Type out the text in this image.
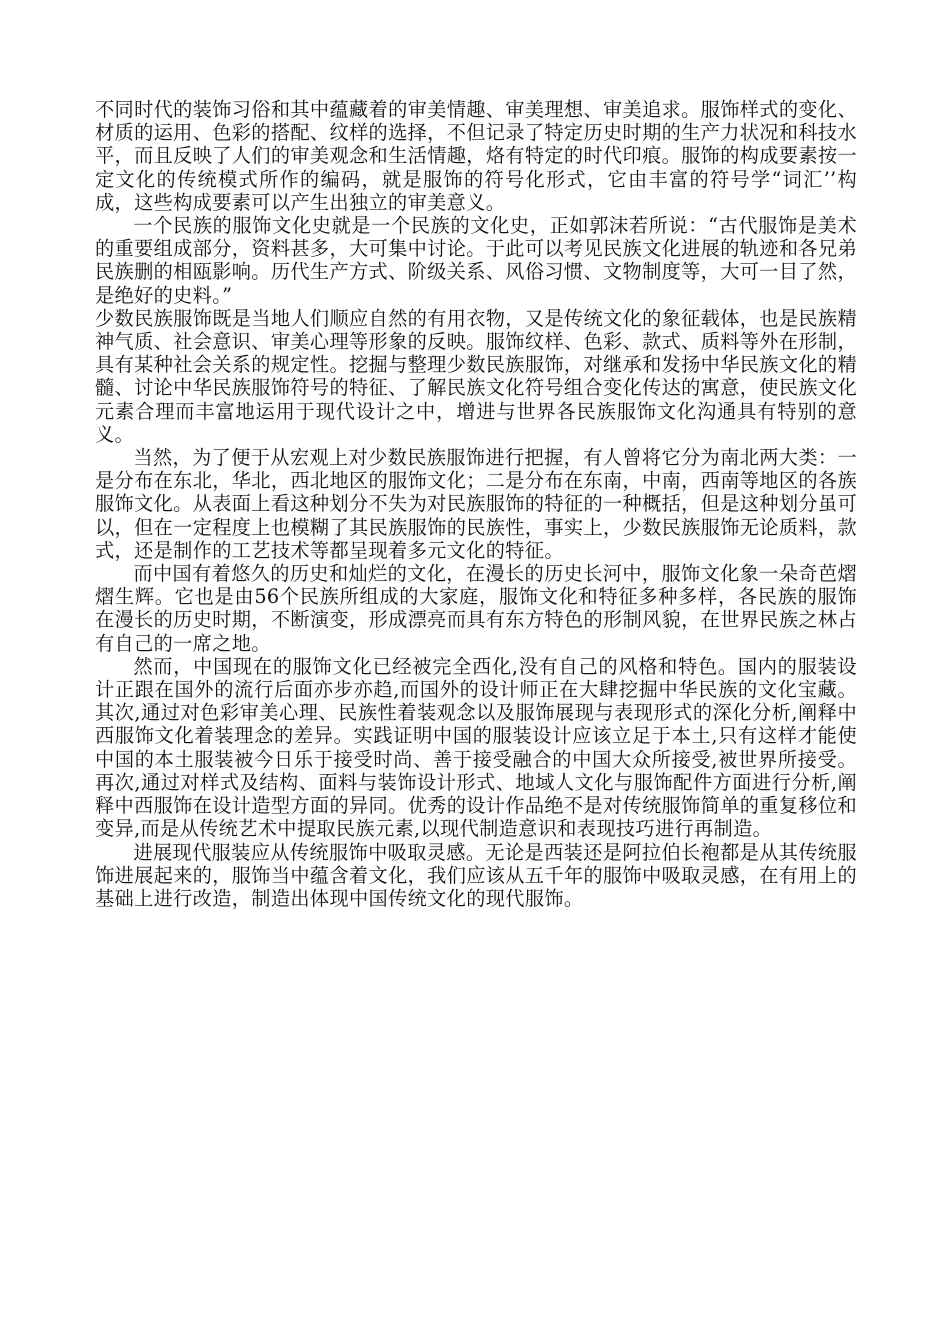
不同时代的装饰习俗和其中蕴藏着的审美情趣、审美理想、审美追求。服饰样式的变化、材质的运用、色彩的搭配、纹样的选择，不但记录了特定历史时期的生产力状况和科技水平，而且反映了人们的审美观念和生活情趣，烙有特定的时代印痕。服饰的构成要素按一定文化的传统模式所作的编码，就是服饰的符号化形式，它由丰富的符号学“词汇’’构成，这些构成要素可以产生出独立的审美意义。

一个民族的服饰文化史就是一个民族的文化史，正如郭沫若所说：“古代服饰是美术的重要组成部分，资料甚多，大可集中讨论。于此可以考见民族文化进展的轨迹和各兄弟民族删的相瓯影响。历代生产方式、阶级关系、风俗习惯、文物制度等，大可一目了然，是绝好的史料。”

少数民族服饰既是当地人们顺应自然的有用衣物，又是传统文化的象征载体，也是民族精神气质、社会意识、审美心理等形象的反映。服饰纹样、色彩、款式、质料等外在形制，具有某种社会关系的规定性。挖掘与整理少数民族服饰，对继承和发扬中华民族文化的精髓、讨论中华民族服饰符号的特征、了解民族文化符号组合变化传达的寓意，使民族文化元素合理而丰富地运用于现代设计之中，增进与世界各民族服饰文化沟通具有特别的意义。

当然，为了便于从宏观上对少数民族服饰进行把握，有人曾将它分为南北两大类：一是分布在东北，华北，西北地区的服饰文化；二是分布在东南，中南，西南等地区的各族服饰文化。从表面上看这种划分不失为对民族服饰的特征的一种概括，但是这种划分虽可以，但在一定程度上也模糊了其民族服饰的民族性，事实上，少数民族服饰无论质料，款式，还是制作的工艺技术等都呈现着多元文化的特征。

而中国有着悠久的历史和灿烂的文化，在漫长的历史长河中，服饰文化象一朵奇芭熠熠生辉。它也是由56个民族所组成的大家庭，服饰文化和特征多种多样，各民族的服饰在漫长的历史时期，不断演变，形成漂亮而具有东方特色的形制风貌，在世界民族之林占有自己的一席之地。

然而，中国现在的服饰文化已经被完全西化,没有自己的风格和特色。国内的服装设计正跟在国外的流行后面亦步亦趋,而国外的设计师正在大肆挖掘中华民族的文化宝藏。其次,通过对色彩审美心理、民族性着装观念以及服饰展现与表现形式的深化分析,阐释中西服饰文化着装理念的差异。实践证明中国的服装设计应该立足于本土,只有这样才能使中国的本土服装被今日乐于接受时尚、善于接受融合的中国大众所接受,被世界所接受。再次,通过对样式及结构、面料与装饰设计形式、地域人文化与服饰配件方面进行分析,阐释中西服饰在设计造型方面的异同。优秀的设计作品绝不是对传统服饰简单的重复移位和变异,而是从传统艺术中提取民族元素,以现代制造意识和表现技巧进行再制造。

进展现代服装应从传统服饰中吸取灵感。无论是西装还是阿拉伯长袍都是从其传统服饰进展起来的，服饰当中蕴含着文化，我们应该从五千年的服饰中吸取灵感，在有用上的基础上进行改造，制造出体现中国传统文化的现代服饰。
